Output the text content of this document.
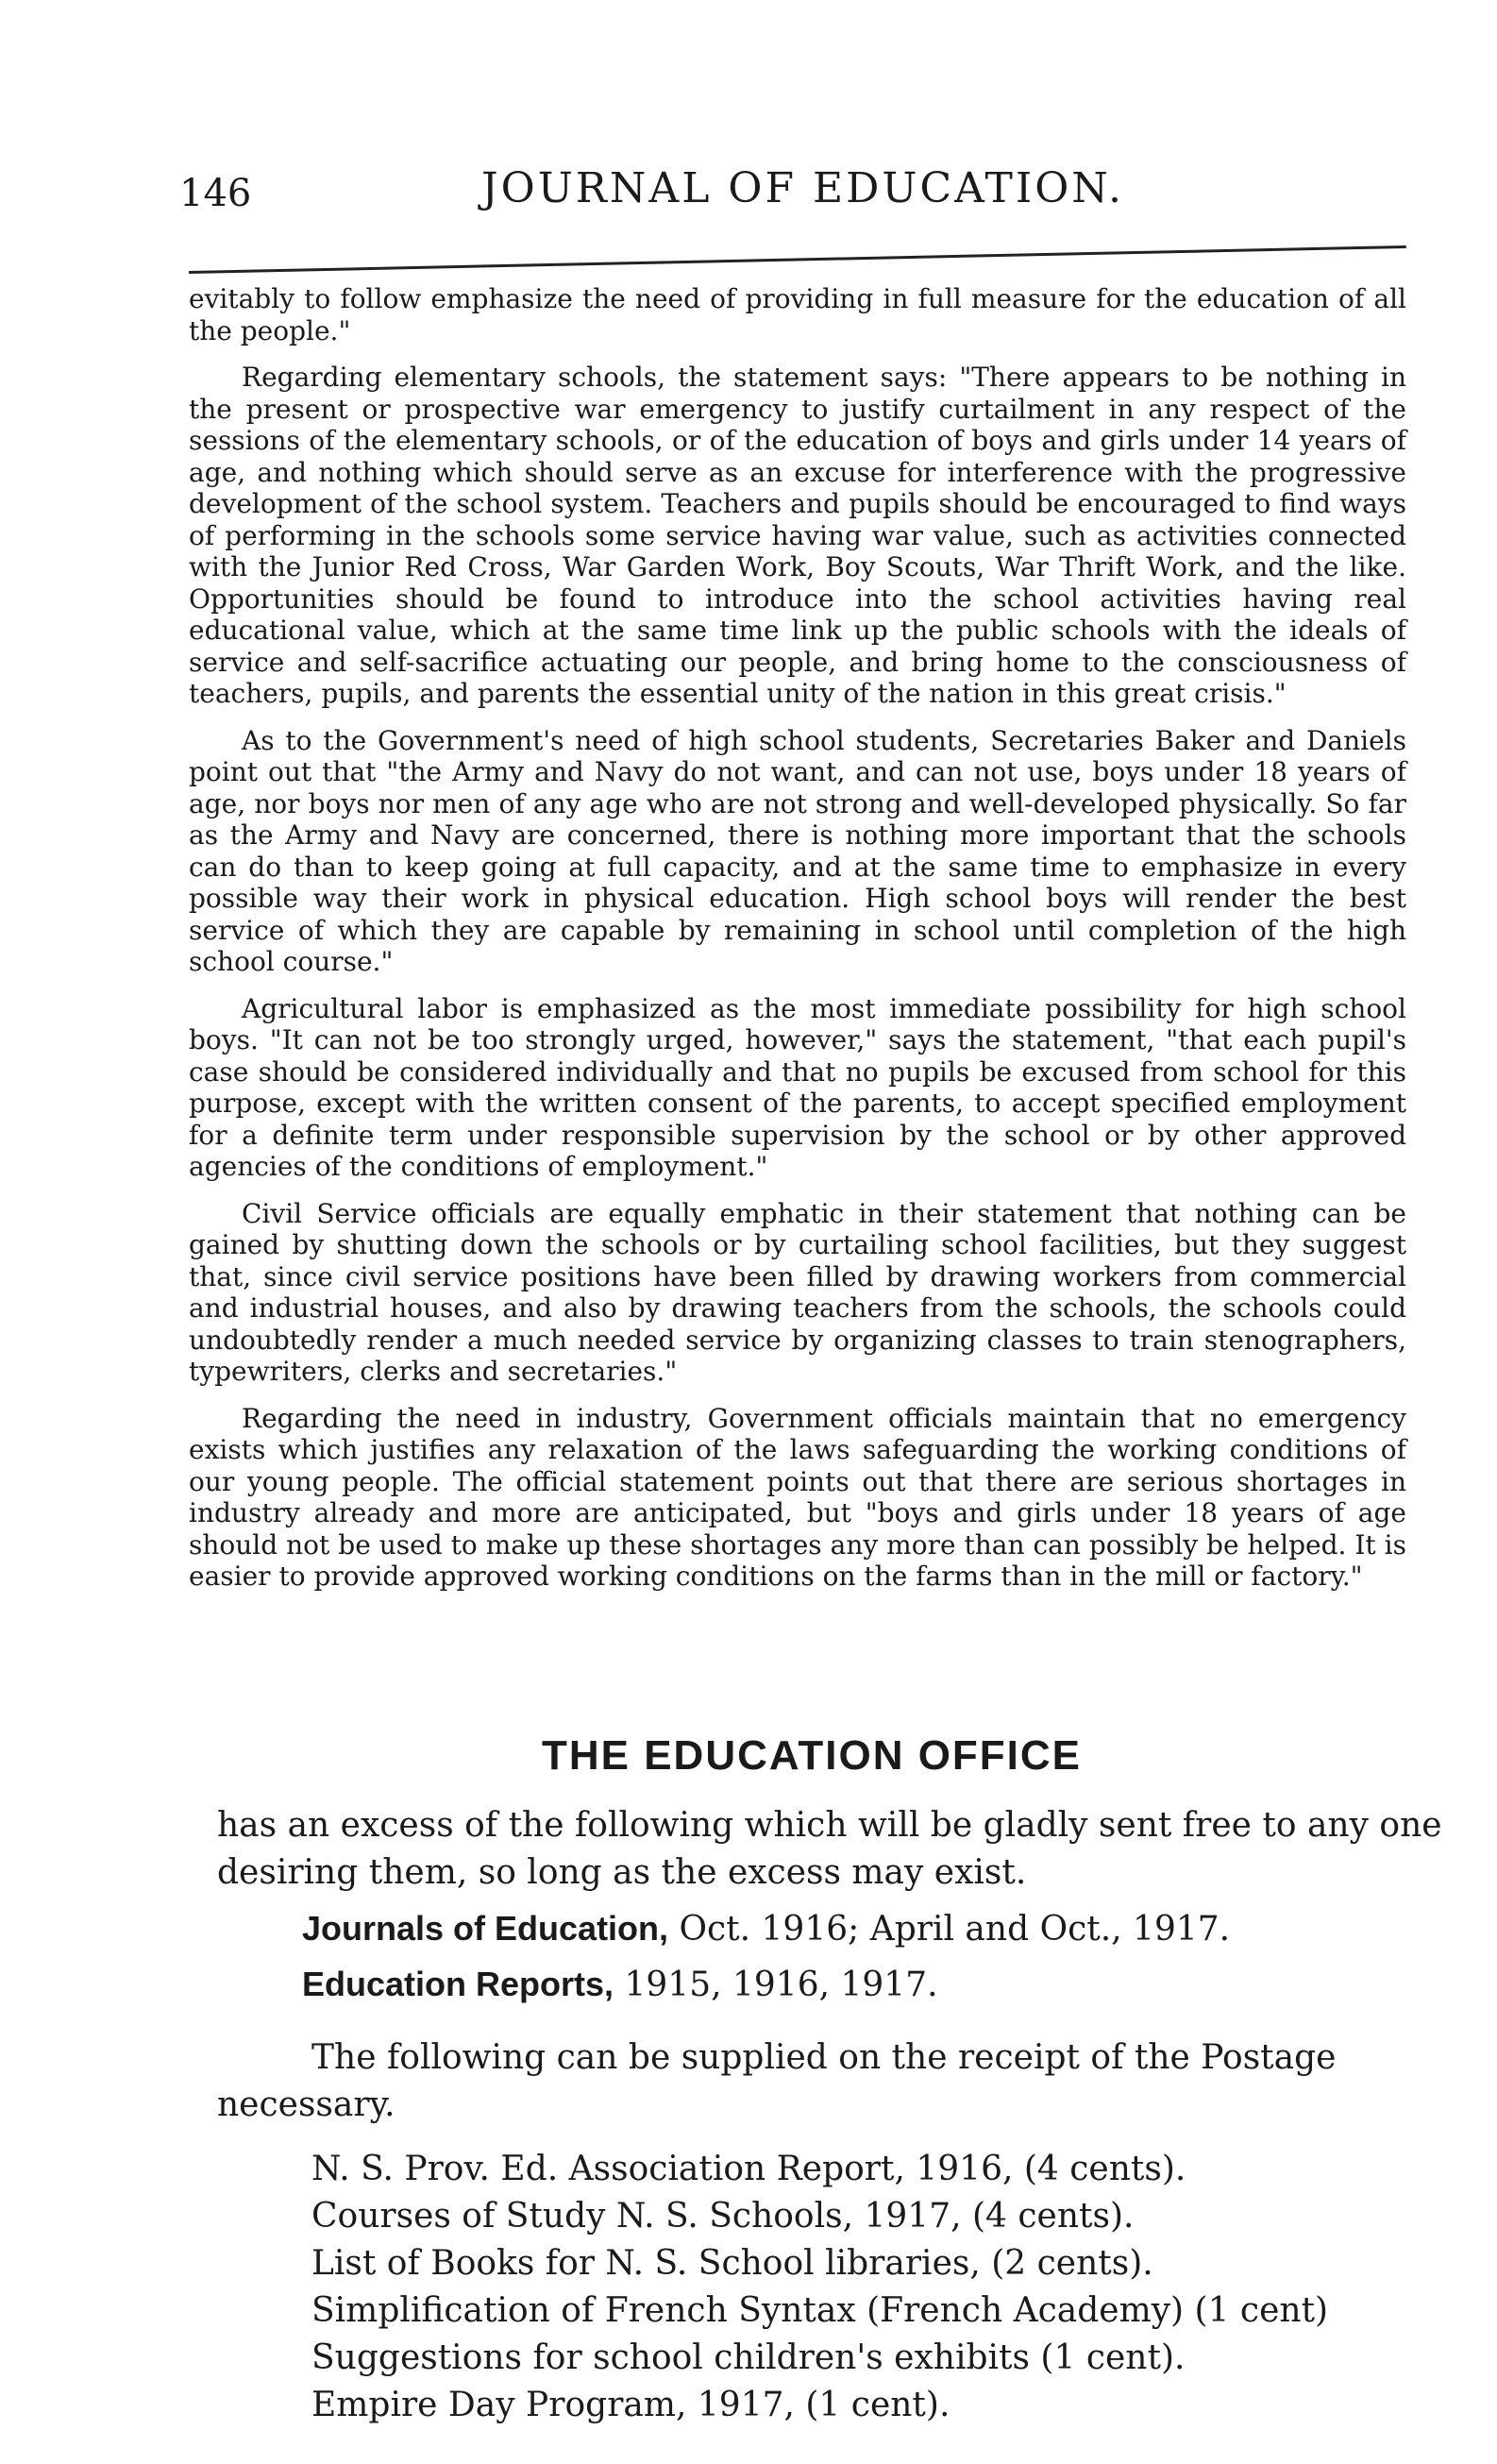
146	JOURNAL OF EDUCATION.

evitably to follow emphasize the need of providing in full measure for the education of all the people."

Regarding elementary schools, the statement says: "There appears to be nothing in the present or prospective war emergency to justify curtailment in any respect of the sessions of the elementary schools, or of the education of boys and girls under 14 years of age, and nothing which should serve as an excuse for interference with the progressive development of the school system. Teachers and pupils should be encouraged to find ways of performing in the schools some service having war value, such as activities connected with the Junior Red Cross, War Garden Work, Boy Scouts, War Thrift Work, and the like. Opportunities should be found to introduce into the school activities having real educational value, which at the same time link up the public schools with the ideals of service and self-sacrifice actuating our people, and bring home to the consciousness of teachers, pupils, and parents the essential unity of the nation in this great crisis."

As to the Government's need of high school students, Secretaries Baker and Daniels point out that "the Army and Navy do not want, and can not use, boys under 18 years of age, nor boys nor men of any age who are not strong and well-developed physically. So far as the Army and Navy are concerned, there is nothing more important that the schools can do than to keep going at full capacity, and at the same time to emphasize in every possible way their work in physical education. High school boys will render the best service of which they are capable by remaining in school until completion of the high school course."

Agricultural labor is emphasized as the most immediate possibility for high school boys. "It can not be too strongly urged, however," says the statement, "that each pupil's case should be considered individually and that no pupils be excused from school for this purpose, except with the written consent of the parents, to accept specified employment for a definite term under responsible supervision by the school or by other approved agencies of the conditions of employment."

Civil Service officials are equally emphatic in their statement that nothing can be gained by shutting down the schools or by curtailing school facilities, but they suggest that, since civil service positions have been filled by drawing workers from commercial and industrial houses, and also by drawing teachers from the schools, the schools could undoubtedly render a much needed service by organizing classes to train stenographers, typewriters, clerks and secretaries."

Regarding the need in industry, Government officials maintain that no emergency exists which justifies any relaxation of the laws safeguarding the working conditions of our young people. The official statement points out that there are serious shortages in industry already and more are anticipated, but "boys and girls under 18 years of age should not be used to make up these shortages any more than can possibly be helped. It is easier to provide approved working conditions on the farms than in the mill or factory."

THE EDUCATION OFFICE

has an excess of the following which will be gladly sent free to any one desiring them, so long as the excess may exist.

Journals of Education, Oct. 1916; April and Oct., 1917.
Education Reports, 1915, 1916, 1917.

The following can be supplied on the receipt of the Postage necessary.

N. S. Prov. Ed. Association Report, 1916, (4 cents).
Courses of Study N. S. Schools, 1917, (4 cents).
List of Books for N. S. School libraries, (2 cents).
Simplification of French Syntax (French Academy) (1 cent)
Suggestions for school children's exhibits (1 cent).
Empire Day Program, 1917, (1 cent).
